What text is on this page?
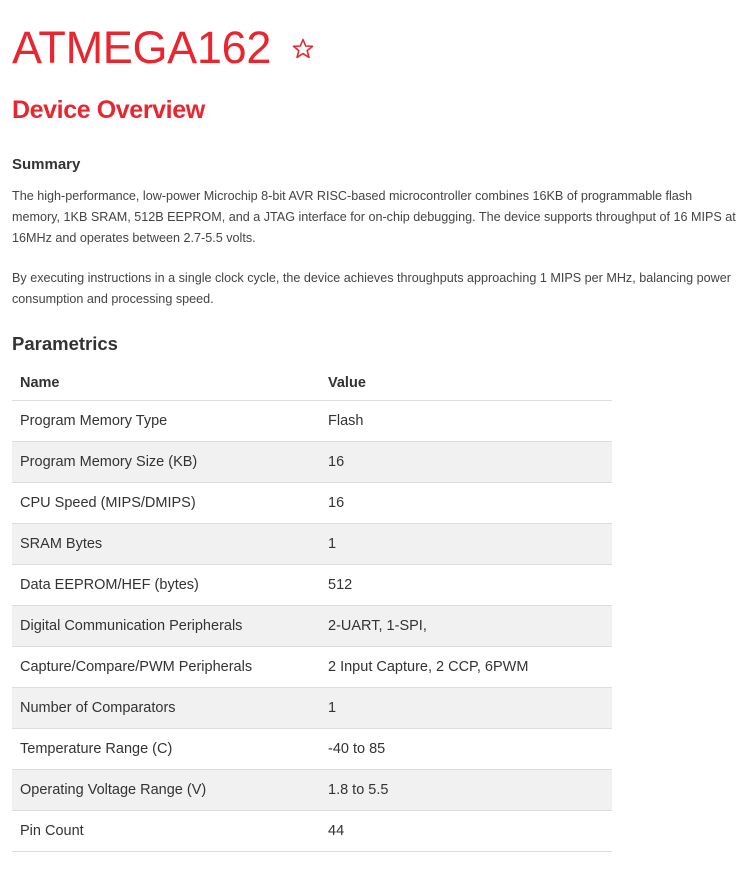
ATMEGA162
Device Overview
Summary

The high-performance, low-power Microchip 8-bit AVR RISC-based microcontroller combines 16KB of programmable flash memory, 1KB SRAM, 512B EEPROM, and a JTAG interface for on-chip debugging. The device supports throughput of 16 MIPS at 16MHz and operates between 2.7-5.5 volts.

By executing instructions in a single clock cycle, the device achieves throughputs approaching 1 MIPS per MHz, balancing power consumption and processing speed.

Parametrics
Name	Value
Program Memory Type	Flash
Program Memory Size (KB)	16
CPU Speed (MIPS/DMIPS)	16
SRAM Bytes	1
Data EEPROM/HEF (bytes)	512
Digital Communication Peripherals	2-UART, 1-SPI,
Capture/Compare/PWM Peripherals	2 Input Capture, 2 CCP, 6PWM
Number of Comparators	1
Temperature Range (C)	-40 to 85
Operating Voltage Range (V)	1.8 to 5.5
Pin Count	44
